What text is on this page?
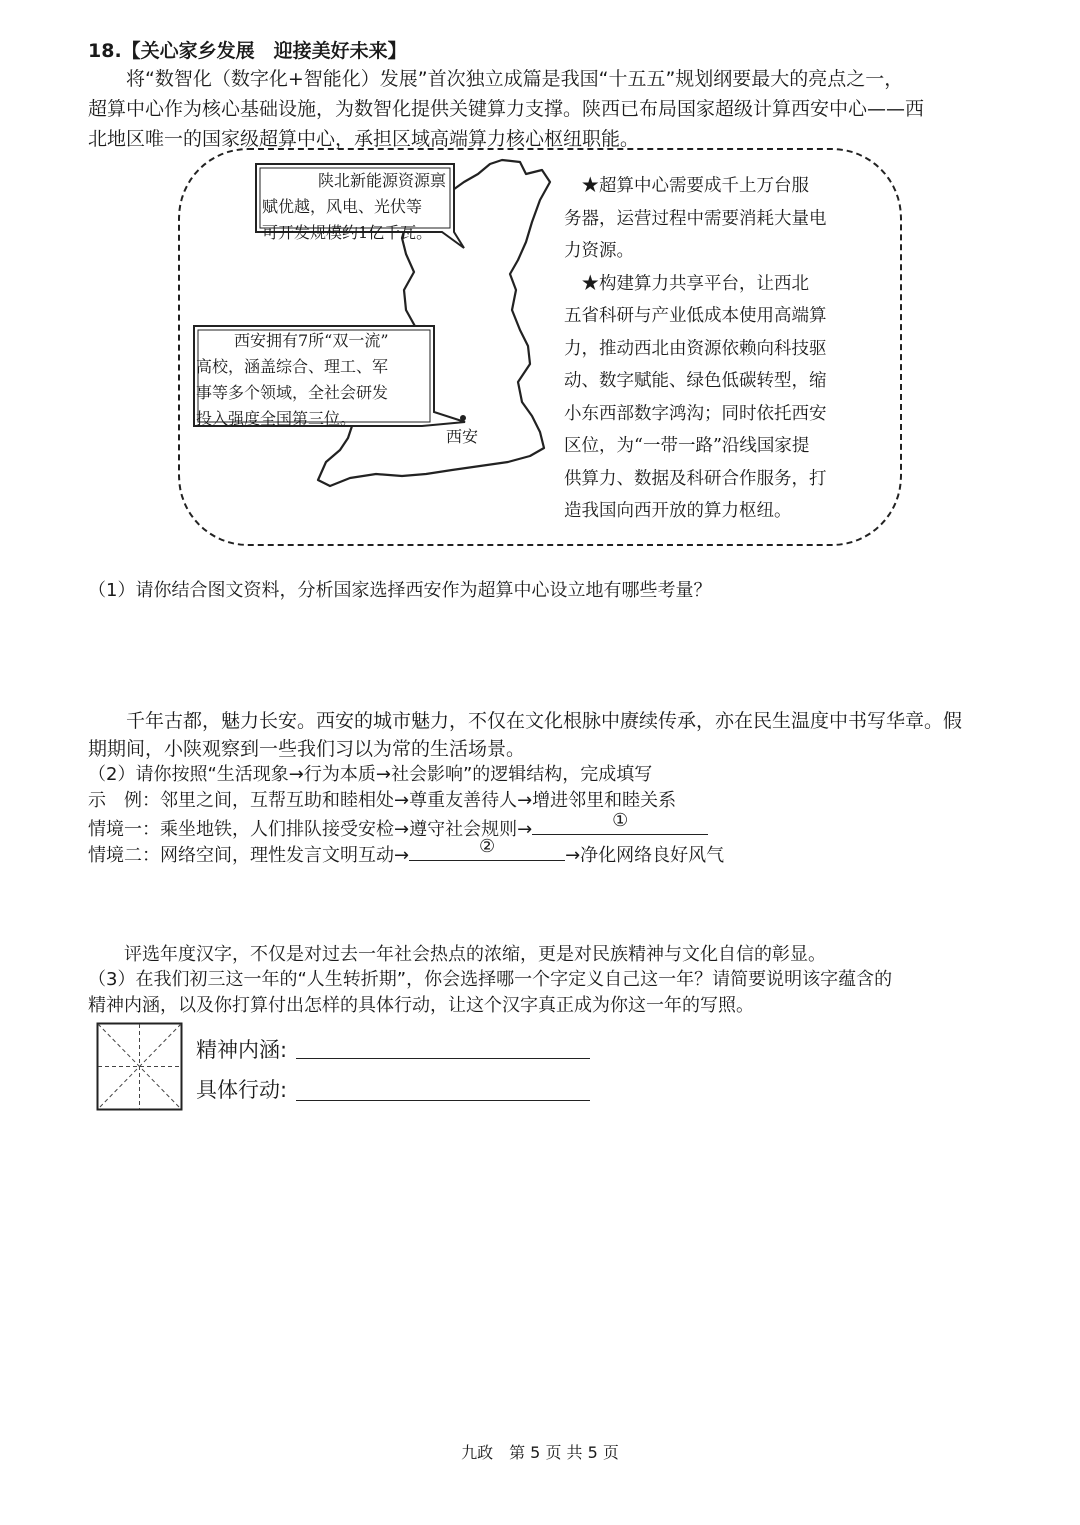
18.【关心家乡发展　迎接美好未来】
　　将“数智化（数字化+智能化）发展”首次独立成篇是我国“十五五”规划纲要最大的亮点之一，
超算中心作为核心基础设施，为数智化提供关键算力支撑。陕西已布局国家超级计算西安中心——西
北地区唯一的国家级超算中心，承担区域高端算力核心枢纽职能。
陕北新能源资源禀
赋优越，风电、光伏等
可开发规模约1亿千瓦。
西安拥有7所“双一流”
高校，涵盖综合、理工、军
事等多个领域，全社会研发
投入强度全国第三位。
西安
　★超算中心需要成千上万台服
务器，运营过程中需要消耗大量电
力资源。
　★构建算力共享平台，让西北
五省科研与产业低成本使用高端算
力，推动西北由资源依赖向科技驱
动、数字赋能、绿色低碳转型，缩
小东西部数字鸿沟；同时依托西安
区位，为“一带一路”沿线国家提
供算力、数据及科研合作服务，打
造我国向西开放的算力枢纽。
（1）请你结合图文资料，分析国家选择西安作为超算中心设立地有哪些考量？
　　千年古都，魅力长安。西安的城市魅力，不仅在文化根脉中赓续传承，亦在民生温度中书写华章。假
期期间，小陕观察到一些我们习以为常的生活场景。
（2）请你按照“生活现象→行为本质→社会影响”的逻辑结构，完成填写
示　例：邻里之间，互帮互助和睦相处→尊重友善待人→增进邻里和睦关系
情境一：乘坐地铁，人们排队接受安检→遵守社会规则→	①
情境二：网络空间，理性发言文明互动→	②	→净化网络良好风气
　　评选年度汉字，不仅是对过去一年社会热点的浓缩，更是对民族精神与文化自信的彰显。
（3）在我们初三这一年的“人生转折期”，你会选择哪一个字定义自己这一年？请简要说明该字蕴含的
精神内涵，以及你打算付出怎样的具体行动，让这个汉字真正成为你这一年的写照。
精神内涵:
具体行动:
九政　第 5 页 共 5 页
